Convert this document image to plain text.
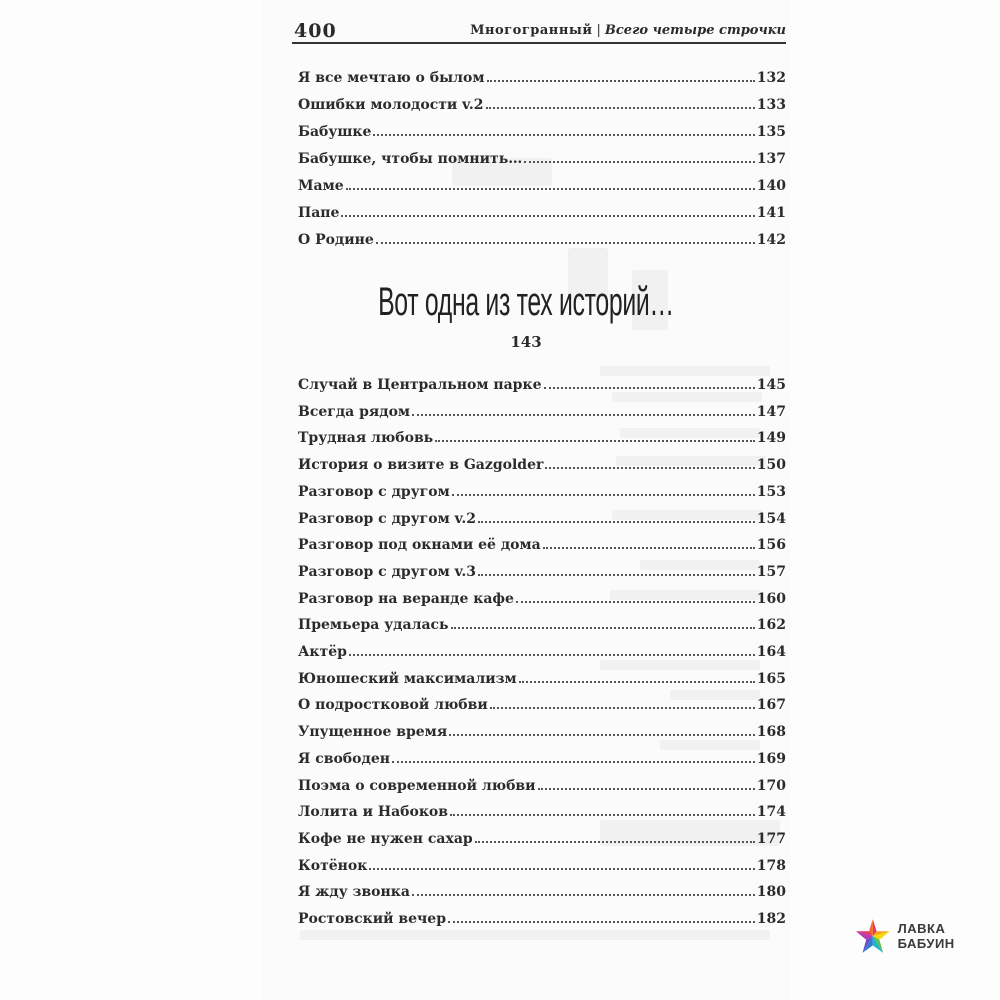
400	Многогранный | Всего четыре строчки
Я все мечтаю о былом	132
Ошибки молодости v.2	133
Бабушке	135
Бабушке, чтобы помнить…	137
Маме	140
Папе	141
О Родине	142
Вот одна из тех историй…
143
Случай в Центральном парке	145
Всегда рядом	147
Трудная любовь	149
История о визите в Gazgolder	150
Разговор с другом	153
Разговор с другом v.2	154
Разговор под окнами её дома	156
Разговор с другом v.3	157
Разговор на веранде кафе	160
Премьера удалась	162
Актёр	164
Юношеский максимализм	165
О подростковой любви	167
Упущенное время	168
Я свободен	169
Поэма о современной любви	170
Лолита и Набоков	174
Кофе не нужен сахар	177
Котёнок	178
Я жду звонка	180
Ростовский вечер	182
ЛАВКА БАБУИН
